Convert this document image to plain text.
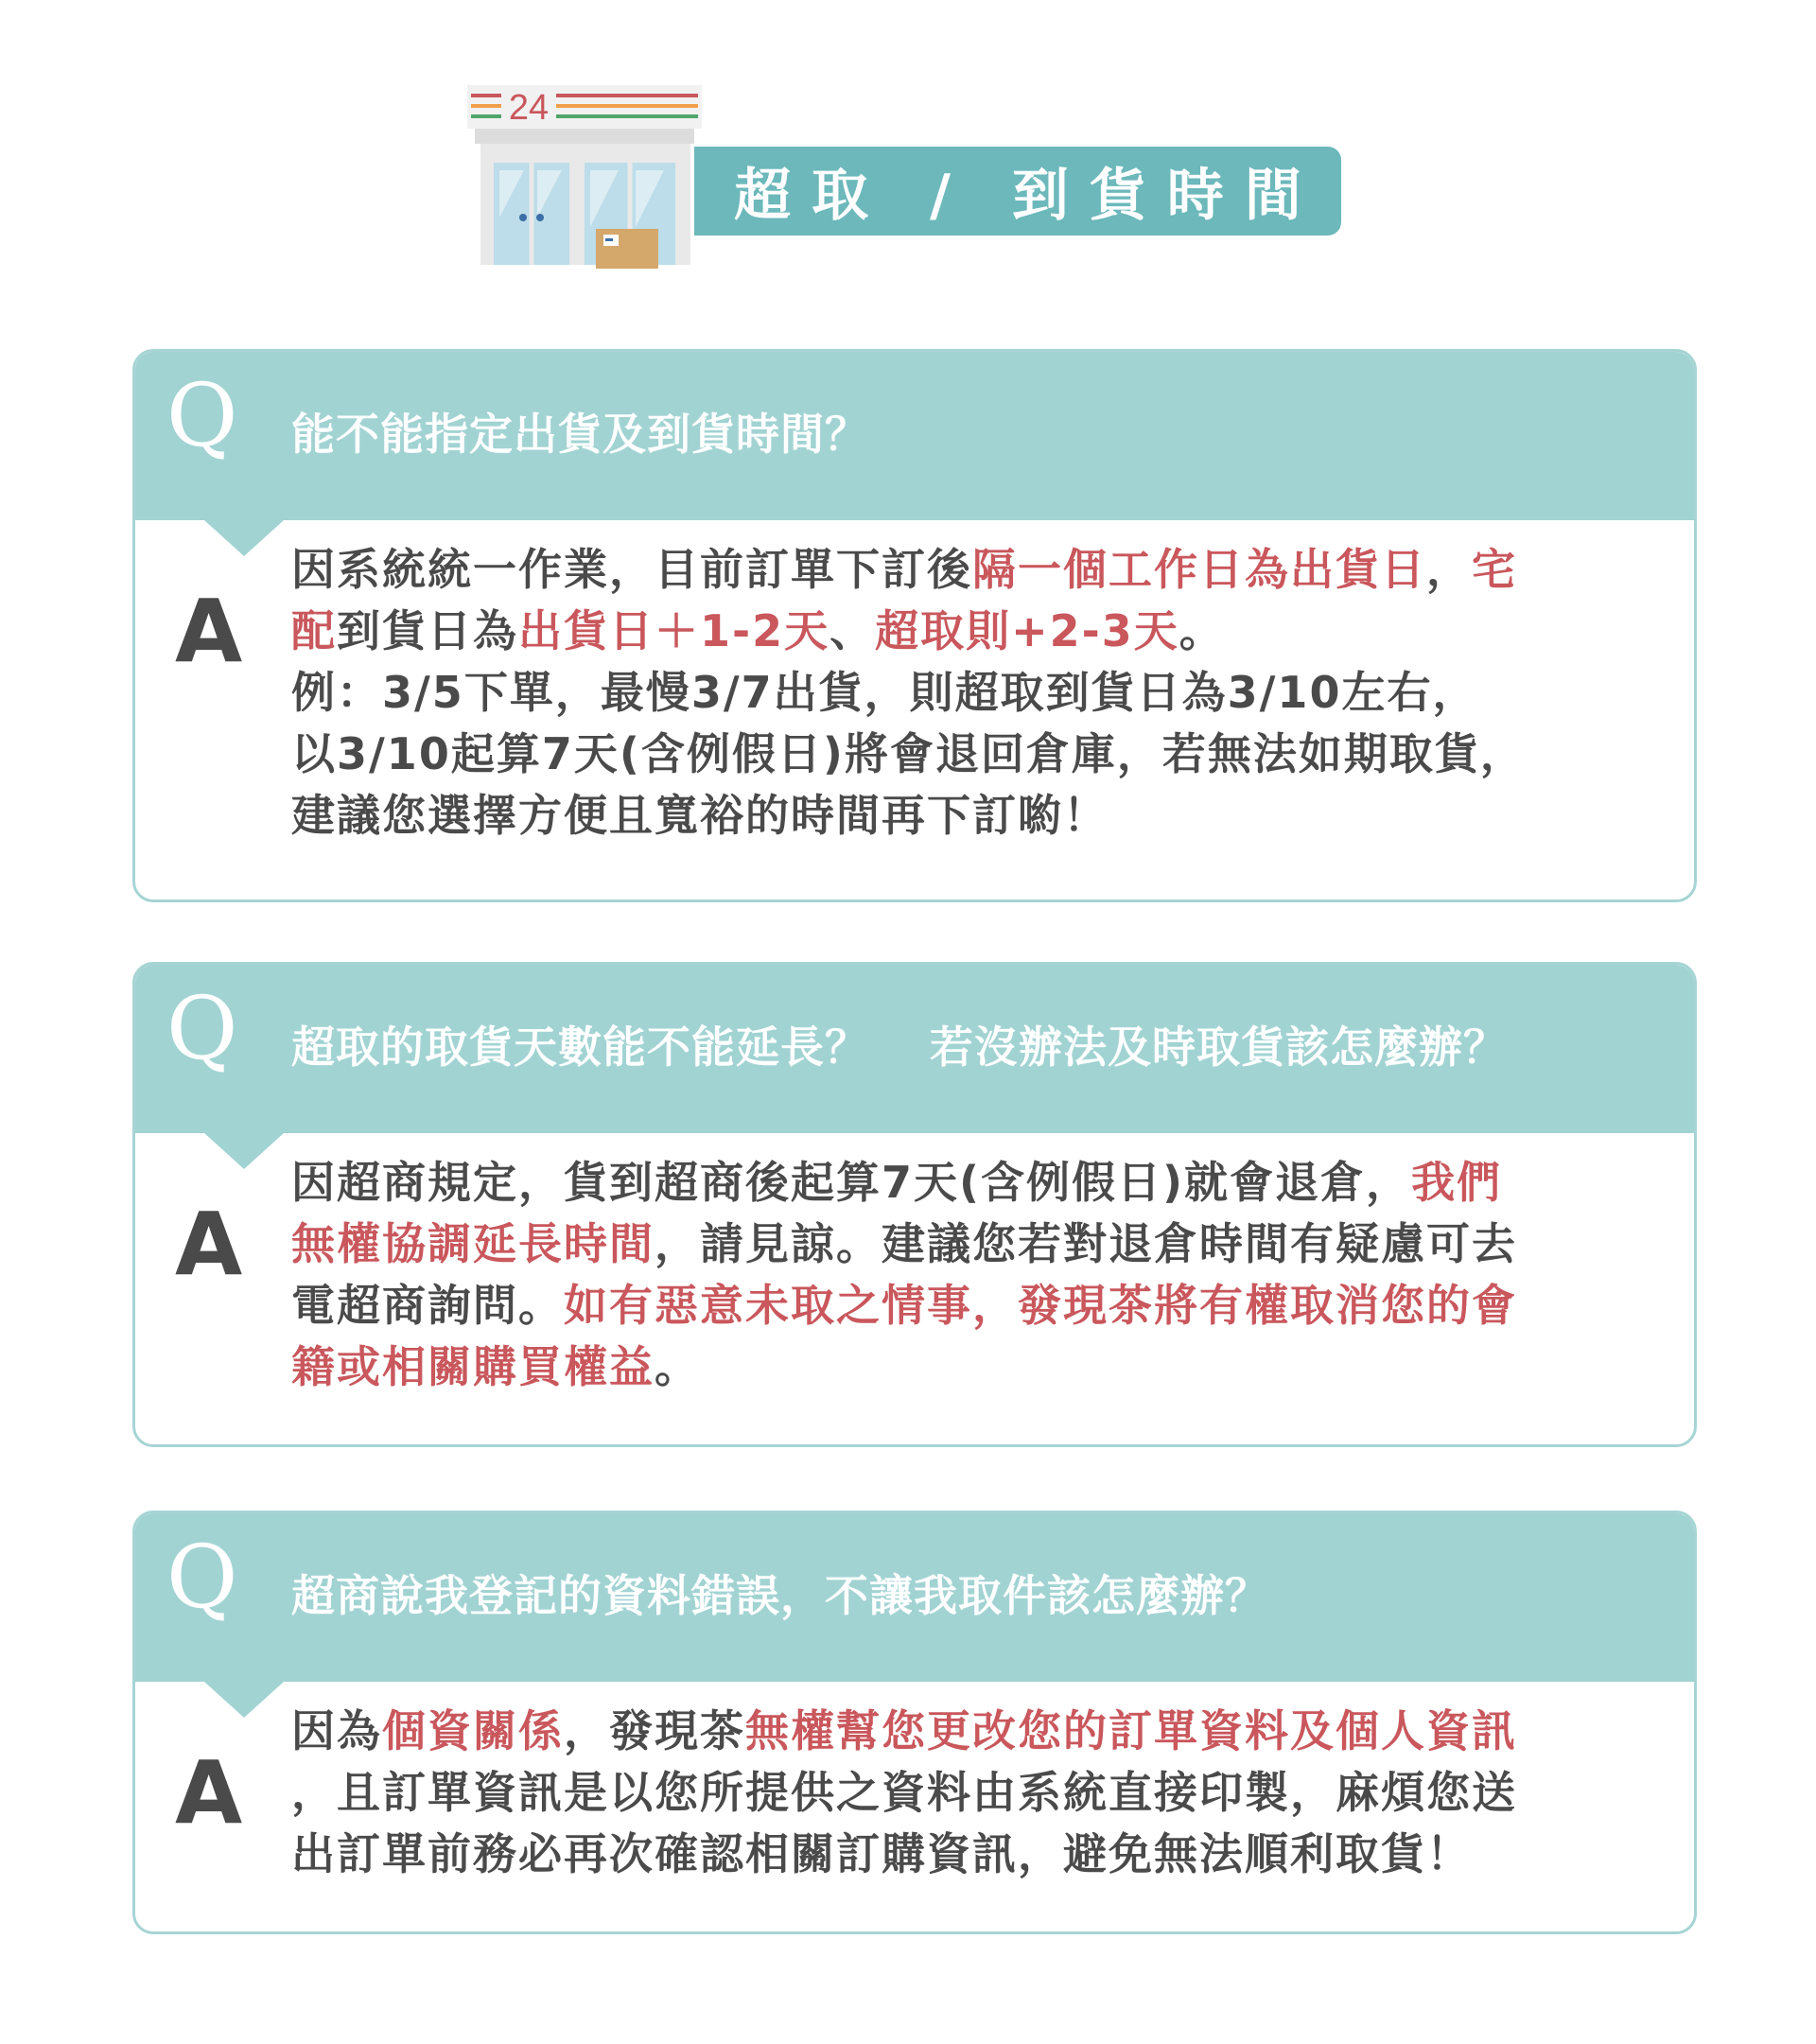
24
超取 / 到貨時間
Q 能不能指定出貨及到貨時間？
A
因系統統一作業，目前訂單下訂後隔一個工作日為出貨日，宅
配到貨日為出貨日＋1-2天、超取則+2-3天。
例：3/5下單，最慢3/7出貨，則超取到貨日為3/10左右，
以3/10起算7天(含例假日)將會退回倉庫，若無法如期取貨，
建議您選擇方便且寬裕的時間再下訂喲！
Q 超取的取貨天數能不能延長？　 若沒辦法及時取貨該怎麼辦？
A
因超商規定，貨到超商後起算7天(含例假日)就會退倉，我們
無權協調延長時間，請見諒。建議您若對退倉時間有疑慮可去
電超商詢問。如有惡意未取之情事，發現茶將有權取消您的會
籍或相關購買權益。
Q 超商說我登記的資料錯誤，不讓我取件該怎麼辦？
A
因為個資關係，發現茶無權幫您更改您的訂單資料及個人資訊
，且訂單資訊是以您所提供之資料由系統直接印製，麻煩您送
出訂單前務必再次確認相關訂購資訊，避免無法順利取貨！
